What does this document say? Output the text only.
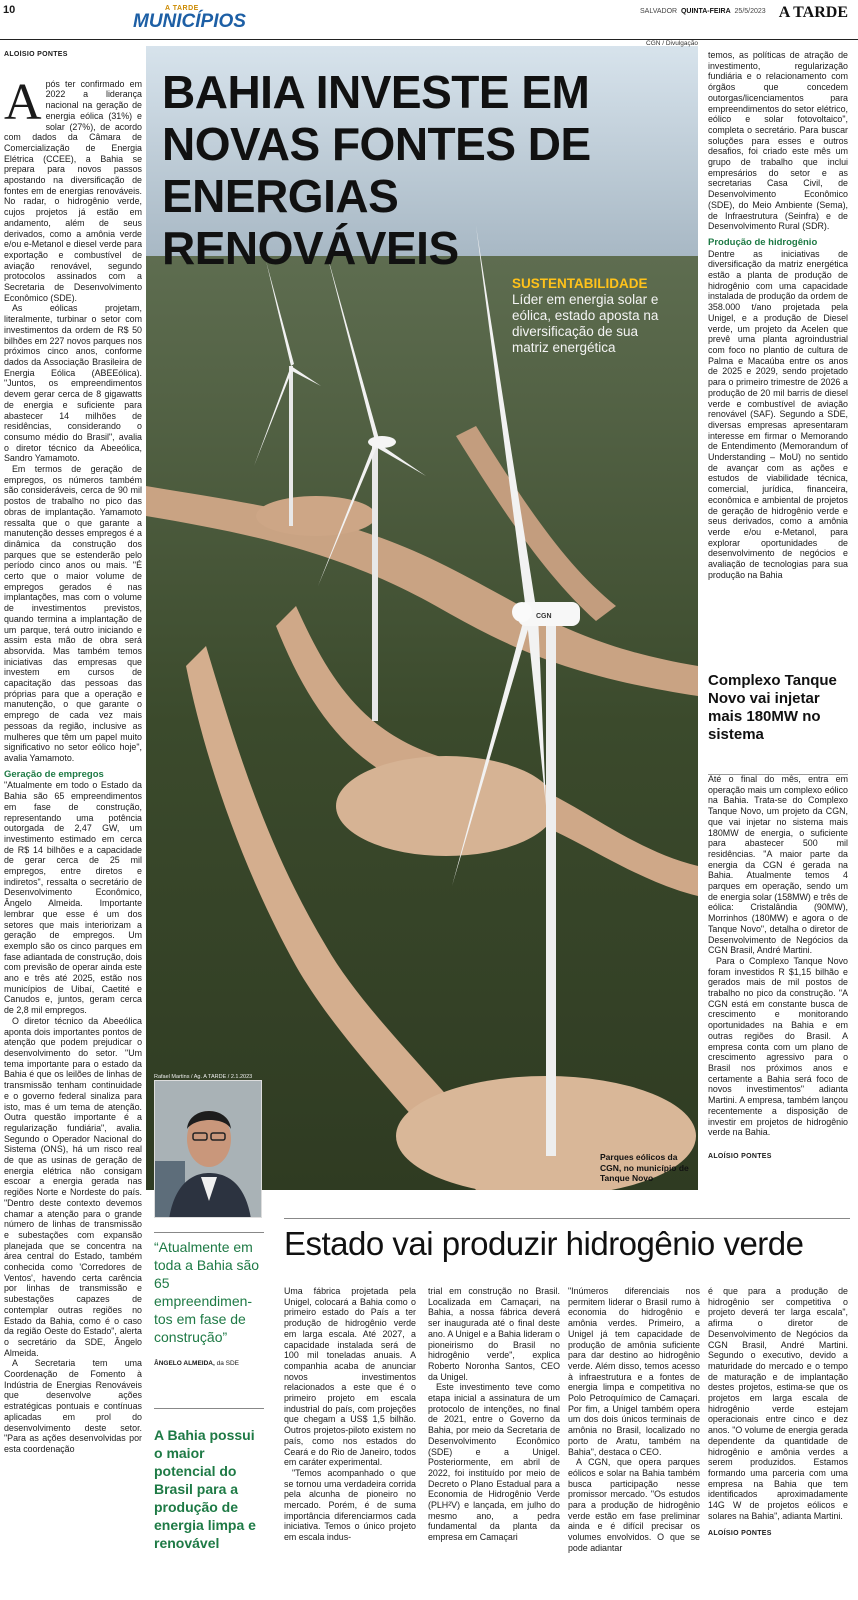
10	A TARDE
MUNICÍPIOS	SALVADOR QUINTA-FEIRA 25/5/2023 A TARDE
ALOÍSIO PONTES

Após ter confirmado em 2022 a liderança nacional na geração de energia eólica (31%) e solar (27%), de acordo com dados da Câmara de Comercialização de Energia Elétrica (CCEE), a Bahia se prepara para novos passos apostando na diversificação de fontes em de energias renováveis. No radar, o hidrogênio verde, cujos projetos já estão em andamento, além de seus derivados, como a amônia verde e/ou e-Metanol e diesel verde para exportação e combustível de aviação renovável, segundo protocolos assinados com a Secretaria de Desenvolvimento Econômico (SDE).

As eólicas projetam, literalmente, turbinar o setor com investimentos da ordem de R$ 50 bilhões em 227 novos parques nos próximos cinco anos, conforme dados da Associação Brasileira de Energia Eólica (ABEEólica). "Juntos, os empreendimentos devem gerar cerca de 8 gigawatts de energia e suficiente para abastecer 14 milhões de residências, considerando o consumo médio do Brasil", avalia o diretor técnico da Abeeólica, Sandro Yamamoto.

Em termos de geração de empregos, os números também são consideráveis, cerca de 90 mil postos de trabalho no pico das obras de implantação. Yamamoto ressalta que o que garante a manutenção desses empregos é a dinâmica da construção dos parques que se estenderão pelo período cinco anos ou mais. "É certo que o maior volume de empregos gerados é nas implantações, mas com o volume de investimentos previstos, quando termina a implantação de um parque, terá outro iniciando e assim esta mão de obra será absorvida. Mas também temos iniciativas das empresas que investem em cursos de capacitação das pessoas das próprias para que a operação e manutenção, o que garante o emprego de cada vez mais pessoas da região, inclusive as mulheres que têm um papel muito significativo no setor eólico hoje", avalia Yamamoto.

Geração de empregos

"Atualmente em todo o Estado da Bahia são 65 empreendimentos em fase de construção, representando uma potência outorgada de 2,47 GW, um investimento estimado em cerca de R$ 14 bilhões e a capacidade de gerar cerca de 25 mil empregos, entre diretos e indiretos", ressalta o secretário de Desenvolvimento Econômico, Ângelo Almeida. Importante lembrar que esse é um dos setores que mais interiorizam a geração de empregos. Um exemplo são os cinco parques em fase adiantada de construção, dois com previsão de operar ainda este ano e três até 2025, estão nos municípios de Uibaí, Caetité e Canudos e, juntos, geram cerca de 2,8 mil empregos.

O diretor técnico da Abeeólica aponta dois importantes pontos de atenção que podem prejudicar o desenvolvimento do setor. "Um tema importante para o estado da Bahia é que os leilões de linhas de transmissão tenham continuidade e o governo federal sinaliza para isto, mas é um tema de atenção. Outra questão importante é a regularização fundiária", avalia. Segundo o Operador Nacional do Sistema (ONS), há um risco real de que as usinas de geração de energia elétrica não consigam escoar a energia gerada nas regiões Norte e Nordeste do país. "Dentro deste contexto devemos chamar a atenção para o grande número de linhas de transmissão e subestações com expansão planejada que se concentra na área central do Estado, também conhecida como 'Corredores de Ventos', havendo certa carência por linhas de transmissão e subestações capazes de contemplar outras regiões no Estado da Bahia, como é o caso da região Oeste do Estado", alerta o secretário da SDE, Ângelo Almeida.

A Secretaria tem uma Coordenação de Fomento à Indústria de Energias Renováveis que desenvolve ações estratégicas pontuais e contínuas aplicadas em prol do desenvolvimento deste setor. "Para as ações desenvolvidas por esta coordenação

CGN
CGN / Divulgação
BAHIA INVESTE EM NOVAS FONTES DE ENERGIAS RENOVÁVEIS
SUSTENTABILIDADE Líder em energia solar e eólica, estado aposta na diversificação de sua matriz energética
Parques eólicos da CGN, no município de Tanque Novo
Rafael Martins / Ag. A TARDE / 2.1.2023

temos, as políticas de atração de investimento, regularização fundiária e o relacionamento com órgãos que concedem outorgas/licenciamentos para empreendimentos do setor elétrico, eólico e solar fotovoltaico", completa o secretário. Para buscar soluções para esses e outros desafios, foi criado este mês um grupo de trabalho que inclui empresários do setor e as secretarias Casa Civil, de Desenvolvimento Econômico (SDE), do Meio Ambiente (Sema), de Infraestrutura (Seinfra) e de Desenvolvimento Rural (SDR).

Produção de hidrogênio

Dentre as iniciativas de diversificação da matriz energética estão a planta de produção de hidrogênio com uma capacidade instalada de produção da ordem de 358.000 t/ano projetada pela Unigel, e a produção de Diesel verde, um projeto da Acelen que prevê uma planta agroindustrial com foco no plantio de cultura de Palma e Macaúba entre os anos de 2025 e 2029, sendo projetado para o primeiro trimestre de 2026 a produção de 20 mil barris de diesel verde e combustível de aviação renovável (SAF). Segundo a SDE, diversas empresas apresentaram interesse em firmar o Memorando de Entendimento (Memorandum of Understanding – MoU) no sentido de avançar com as ações e estudos de viabilidade técnica, comercial, jurídica, financeira, econômica e ambiental de projetos de geração de hidrogênio verde e seus derivados, como a amônia verde e/ou e-Metanol, para explorar oportunidades de desenvolvimento de negócios e avaliação de tecnologias para sua produção na Bahia

Complexo Tanque Novo vai injetar mais 180MW no sistema

Até o final do mês, entra em operação mais um complexo eólico na Bahia. Trata-se do Complexo Tanque Novo, um projeto da CGN, que vai injetar no sistema mais 180MW de energia, o suficiente para abastecer 500 mil residências. "A maior parte da energia da CGN é gerada na Bahia. Atualmente temos 4 parques em operação, sendo um de energia solar (158MW) e três de eólica: Cristalândia (90MW), Morrinhos (180MW) e agora o de Tanque Novo", detalha o diretor de Desenvolvimento de Negócios da CGN Brasil, André Martini.

Para o Complexo Tanque Novo foram investidos R $1,15 bilhão e gerados mais de mil postos de trabalho no pico da construção. "A CGN está em constante busca de crescimento e monitorando oportunidades na Bahia e em outras regiões do Brasil. A empresa conta com um plano de crescimento agressivo para o Brasil nos próximos anos e certamente a Bahia será foco de novos investimentos" adianta Martini. A empresa, também lançou recentemente a disposição de investir em projetos de hidrogênio verde na Bahia.

ALOÍSIO PONTES
“Atualmente em toda a Bahia são 65 empreendimen-tos em fase de construção”
ÂNGELO ALMEIDA, da SDE
A Bahia possui o maior potencial do Brasil para a produção de energia limpa e renovável
Estado vai produzir hidrogênio verde

Uma fábrica projetada pela Unigel, colocará a Bahia como o primeiro estado do País a ter produção de hidrogênio verde em larga escala. Até 2027, a capacidade instalada será de 100 mil toneladas anuais. A companhia acaba de anunciar novos investimentos relacionados a este que é o primeiro projeto em escala industrial do país, com projeções que chegam a US$ 1,5 bilhão. Outros projetos-piloto existem no país, como nos estados do Ceará e do Rio de Janeiro, todos em caráter experimental.

"Temos acompanhado o que se tornou uma verdadeira corrida pela alcunha de pioneiro no mercado. Porém, é de suma importância diferenciarmos cada iniciativa. Temos o único projeto em escala indus-

trial em construção no Brasil. Localizada em Camaçari, na Bahia, a nossa fábrica deverá ser inaugurada até o final deste ano. A Unigel e a Bahia lideram o pioneirismo do Brasil no hidrogênio verde", explica Roberto Noronha Santos, CEO da Unigel.

Este investimento teve como etapa inicial a assinatura de um protocolo de intenções, no final de 2021, entre o Governo da Bahia, por meio da Secretaria de Desenvolvimento Econômico (SDE) e a Unigel. Posteriormente, em abril de 2022, foi instituído por meio de Decreto o Plano Estadual para a Economia de Hidrogênio Verde (PLH²V) e lançada, em julho do mesmo ano, a pedra fundamental da planta da empresa em Camaçari

"Inúmeros diferenciais nos permitem liderar o Brasil rumo à economia do hidrogênio e amônia verdes. Primeiro, a Unigel já tem capacidade de produção de amônia suficiente para dar destino ao hidrogênio verde. Além disso, temos acesso à infraestrutura e a fontes de energia limpa e competitiva no Polo Petroquímico de Camaçari. Por fim, a Unigel também opera um dos dois únicos terminais de amônia no Brasil, localizado no porto de Aratu, também na Bahia", destaca o CEO.

A CGN, que opera parques eólicos e solar na Bahia também busca participação nesse promissor mercado. "Os estudos para a produção de hidrogênio verde estão em fase preliminar ainda e é difícil precisar os volumes envolvidos. O que se pode adiantar

é que para a produção de hidrogênio ser competitiva o projeto deverá ter larga escala", afirma o diretor de Desenvolvimento de Negócios da CGN Brasil, André Martini. Segundo o executivo, devido a maturidade do mercado e o tempo de maturação e de implantação destes projetos, estima-se que os projetos em larga escala de hidrogênio verde estejam operacionais entre cinco e dez anos. "O volume de energia gerada dependente da quantidade de hidrogênio e amônia verdes a serem produzidos. Estamos formando uma parceria com uma empresa na Bahia que tem identificados aproximadamente 14G W de projetos eólicos e solares na Bahia", adianta Martini.

ALOÍSIO PONTES
